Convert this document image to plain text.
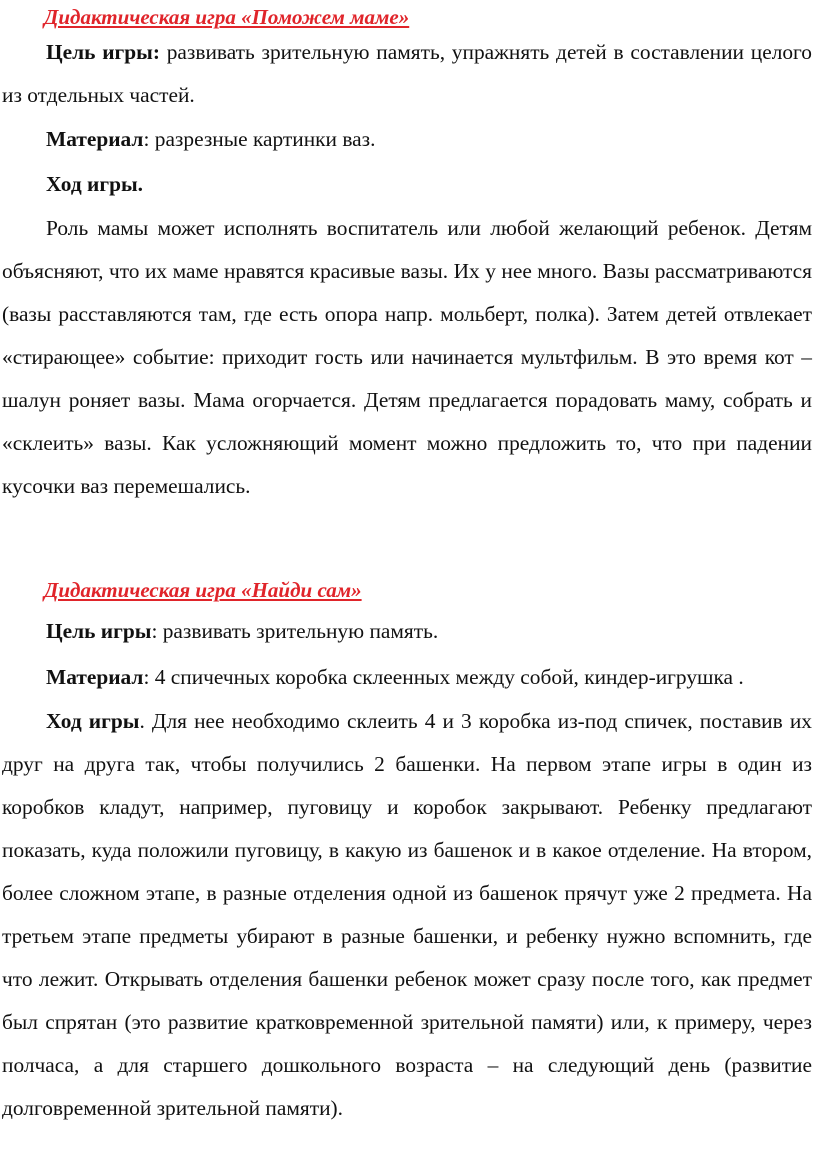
Дидактическая игра «Поможем маме»

Цель игры: развивать зрительную память, упражнять детей в составлении целого из отдельных частей.

Материал: разрезные картинки ваз.

Ход игры.

Роль мамы может исполнять воспитатель или любой желающий ребенок. Детям объясняют, что их маме нравятся красивые вазы. Их у нее много. Вазы рассматриваются (вазы расставляются там, где есть опора напр. мольберт, полка). Затем детей отвлекает «стирающее» событие: приходит гость или начинается мультфильм. В это время кот – шалун роняет вазы. Мама огорчается. Детям предлагается порадовать маму, собрать и «склеить» вазы. Как усложняющий момент можно предложить то, что при падении кусочки ваз перемешались.

Дидактическая игра «Найди сам»

Цель игры: развивать зрительную память.

Материал: 4 спичечных коробка склеенных между собой, киндер-игрушка .

Ход игры. Для нее необходимо склеить 4 и 3 коробка из-под спичек, поставив их друг на друга так, чтобы получились 2 башенки. На первом этапе игры в один из коробков кладут, например, пуговицу и коробок закрывают. Ребенку предлагают показать, куда положили пуговицу, в какую из башенок и в какое отделение. На втором, более сложном этапе, в разные отделения одной из башенок прячут уже 2 предмета. На третьем этапе предметы убирают в разные башенки, и ребенку нужно вспомнить, где что лежит. Открывать отделения башенки ребенок может сразу после того, как предмет был спрятан (это развитие кратковременной зрительной памяти) или, к примеру, через полчаса, а для старшего дошкольного возраста – на следующий день (развитие долговременной зрительной памяти).
